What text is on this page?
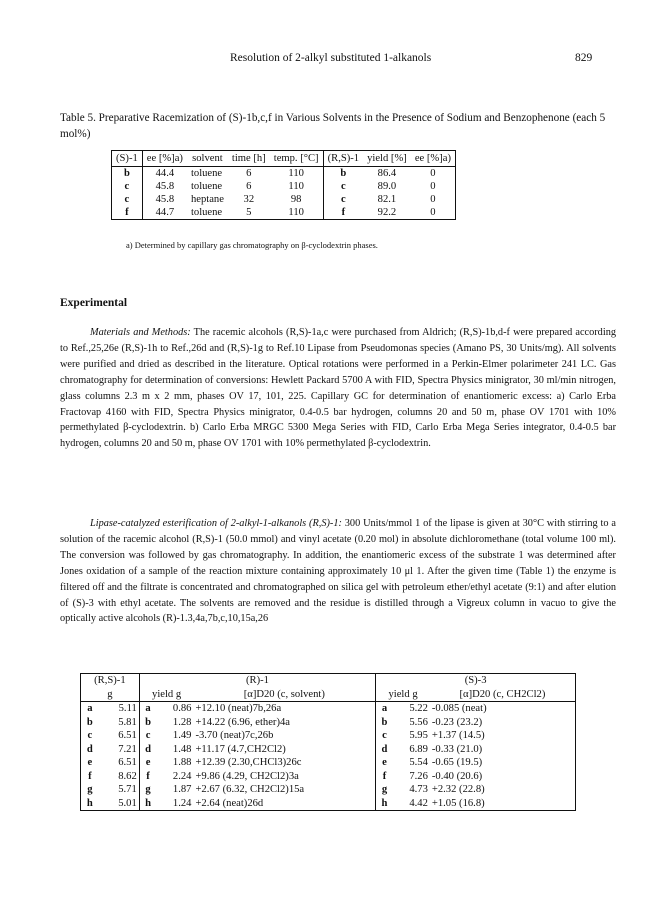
Resolution of 2-alkyl substituted 1-alkanols	829
Table 5. Preparative Racemization of (S)-1b,c,f in Various Solvents in the Presence of Sodium and Benzophenone (each 5 mol%)
(S)-1	ee [%]a)	solvent	time [h]	temp. [°C]	(R,S)-1	yield [%]	ee [%]a)
b	44.4	toluene	6	110	b	86.4	0
c	45.8	toluene	6	110	c	89.0	0
c	45.8	heptane	32	98	c	82.1	0
f	44.7	toluene	5	110	f	92.2	0
a) Determined by capillary gas chromatography on β-cyclodextrin phases.
Experimental

Materials and Methods: The racemic alcohols (R,S)-1a,c were purchased from Aldrich; (R,S)-1b,d-f were prepared according to Ref.,25,26e (R,S)-1h to Ref.,26d and (R,S)-1g to Ref.10 Lipase from Pseudomonas species (Amano PS, 30 Units/mg). All solvents were purified and dried as described in the literature. Optical rotations were performed in a Perkin-Elmer polarimeter 241 LC. Gas chromatography for determination of conversions: Hewlett Packard 5700 A with FID, Spectra Physics minigrator, 30 ml/min nitrogen, glass columns 2.3 m x 2 mm, phases OV 17, 101, 225. Capillary GC for determination of enantiomeric excess: a) Carlo Erba Fractovap 4160 with FID, Spectra Physics minigrator, 0.4-0.5 bar hydrogen, columns 20 and 50 m, phase OV 1701 with 10% permethylated β-cyclodextrin. b) Carlo Erba MRGC 5300 Mega Series with FID, Carlo Erba Mega Series integrator, 0.4-0.5 bar hydrogen, columns 20 and 50 m, phase OV 1701 with 10% permethylated β-cyclodextrin.

Lipase-catalyzed esterification of 2-alkyl-1-alkanols (R,S)-1: 300 Units/mmol 1 of the lipase is given at 30°C with stirring to a solution of the racemic alcohol (R,S)-1 (50.0 mmol) and vinyl acetate (0.20 mol) in absolute dichloromethane (total volume 100 ml). The conversion was followed by gas chromatography. In addition, the enantiomeric excess of the substrate 1 was determined after Jones oxidation of a sample of the reaction mixture containing approximately 10 μl 1. After the given time (Table 1) the enzyme is filtered off and the filtrate is concentrated and chromatographed on silica gel with petroleum ether/ethyl acetate (9:1) and after elution of (S)-3 with ethyl acetate. The solvents are removed and the residue is distilled through a Vigreux column in vacuo to give the optically active alcohols (R)-1.3,4a,7b,c,10,15a,26

(R,S)-1		(R)-1			(S)-3		
g		yield g		[α]D20 (c, solvent)	yield g		[α]D20 (c, CH2Cl2)
a	5.11	a	0.86	+12.10 (neat)7b,26a	a	5.22	-0.085 (neat)
b	5.81	b	1.28	+14.22 (6.96, ether)4a	b	5.56	-0.23 (23.2)
c	6.51	c	1.49	-3.70 (neat)7c,26b	c	5.95	+1.37 (14.5)
d	7.21	d	1.48	+11.17 (4.7,CH2Cl2)	d	6.89	-0.33 (21.0)
e	6.51	e	1.88	+12.39 (2.30,CHCl3)26c	e	5.54	-0.65 (19.5)
f	8.62	f	2.24	+9.86 (4.29, CH2Cl2)3a	f	7.26	-0.40 (20.6)
g	5.71	g	1.87	+2.67 (6.32, CH2Cl2)15a	g	4.73	+2.32 (22.8)
h	5.01	h	1.24	+2.64 (neat)26d	h	4.42	+1.05 (16.8)
